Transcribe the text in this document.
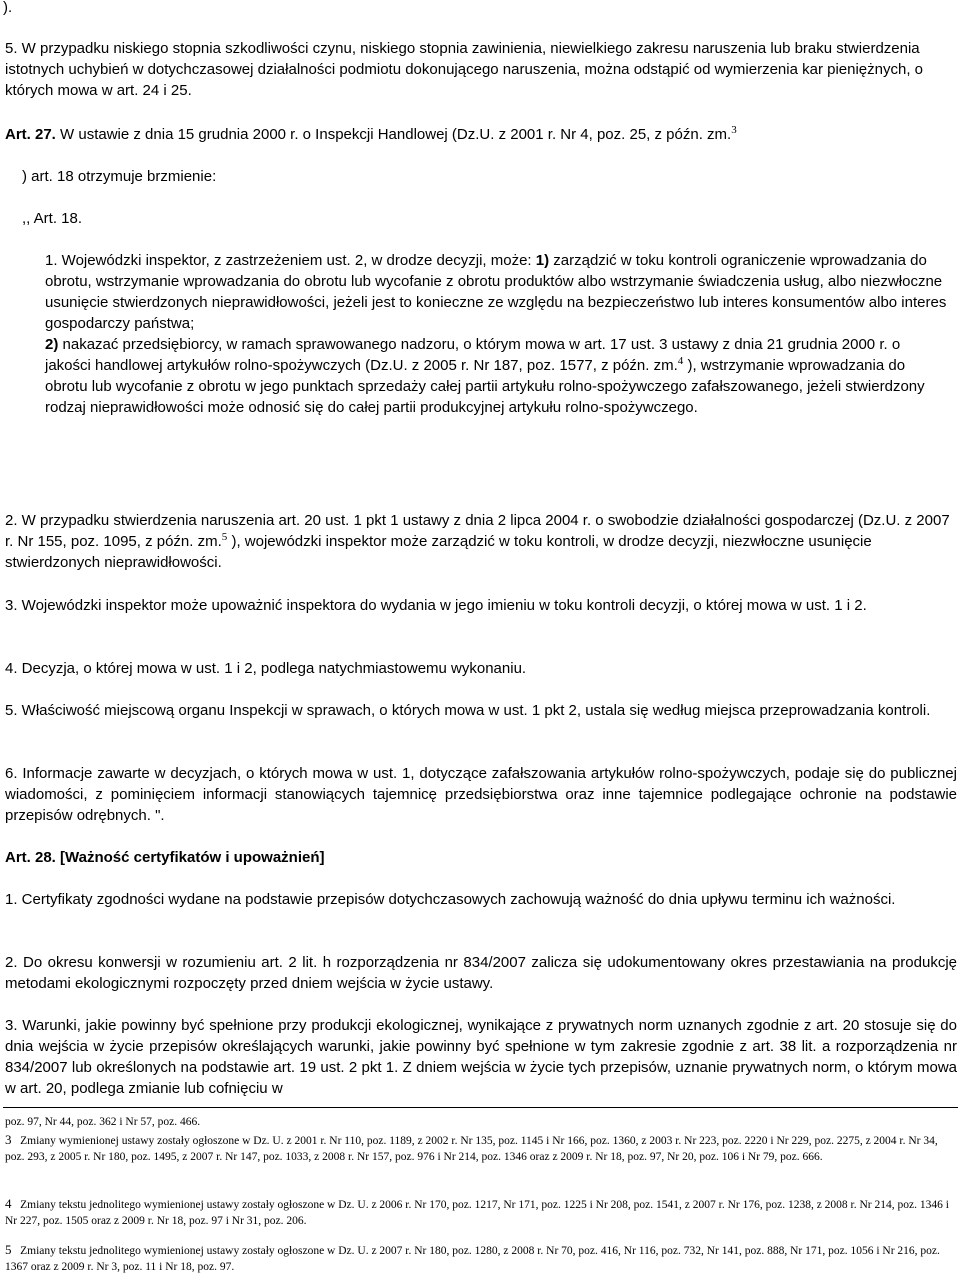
).
5. W przypadku niskiego stopnia szkodliwości czynu, niskiego stopnia zawinienia, niewielkiego zakresu naruszenia lub braku stwierdzenia istotnych uchybień w dotychczasowej działalności podmiotu dokonującego naruszenia, można odstąpić od wymierzenia kar pieniężnych, o których mowa w art. 24 i 25.
Art. 27. W ustawie z dnia 15 grudnia 2000 r. o Inspekcji Handlowej (Dz.U. z 2001 r. Nr 4, poz. 25, z późn. zm.$^3$
) art. 18 otrzymuje brzmienie:
,, Art. 18.
1. Wojewódzki inspektor, z zastrzeżeniem ust. 2, w drodze decyzji, może: 1) zarządzić w toku kontroli ograniczenie wprowadzania do obrotu, wstrzymanie wprowadzania do obrotu lub wycofanie z obrotu produktów albo wstrzymanie świadczenia usług, albo niezwłoczne usunięcie stwierdzonych nieprawidłowości, jeżeli jest to konieczne ze względu na bezpieczeństwo lub interes konsumentów albo interes gospodarczy państwa;
2) nakazać przedsiębiorcy, w ramach sprawowanego nadzoru, o którym mowa w art. 17 ust. 3 ustawy z dnia 21 grudnia 2000 r. o jakości handlowej artykułów rolno-spożywczych (Dz.U. z 2005 r. Nr 187, poz. 1577, z późn. zm.$^4$ ), wstrzymanie wprowadzania do obrotu lub wycofanie z obrotu w jego punktach sprzedaży całej partii artykułu rolno-spożywczego zafałszowanego, jeżeli stwierdzony rodzaj nieprawidłowości może odnosić się do całej partii produkcyjnej artykułu rolno-spożywczego.
2. W przypadku stwierdzenia naruszenia art. 20 ust. 1 pkt 1 ustawy z dnia 2 lipca 2004 r. o swobodzie działalności gospodarczej (Dz.U. z 2007 r. Nr 155, poz. 1095, z późn. zm.$^5$ ), wojewódzki inspektor może zarządzić w toku kontroli, w drodze decyzji, niezwłoczne usunięcie stwierdzonych nieprawidłowości.
3. Wojewódzki inspektor może upoważnić inspektora do wydania w jego imieniu w toku kontroli decyzji, o której mowa w ust. 1 i 2.
4. Decyzja, o której mowa w ust. 1 i 2, podlega natychmiastowemu wykonaniu.
5. Właściwość miejscową organu Inspekcji w sprawach, o których mowa w ust. 1 pkt 2, ustala się według miejsca przeprowadzania kontroli.
6. Informacje zawarte w decyzjach, o których mowa w ust. 1, dotyczące zafałszowania artykułów rolno-spożywczych, podaje się do publicznej wiadomości, z pominięciem informacji stanowiących tajemnicę przedsiębiorstwa oraz inne tajemnice podlegające ochronie na podstawie przepisów odrębnych. ".
Art. 28. [Ważność certyfikatów i upoważnień]
1. Certyfikaty zgodności wydane na podstawie przepisów dotychczasowych zachowują ważność do dnia upływu terminu ich ważności.
2. Do okresu konwersji w rozumieniu art. 2 lit. h rozporządzenia nr 834/2007 zalicza się udokumentowany okres przestawiania na produkcję metodami ekologicznymi rozpoczęty przed dniem wejścia w życie ustawy.
3. Warunki, jakie powinny być spełnione przy produkcji ekologicznej, wynikające z prywatnych norm uznanych zgodnie z art. 20 stosuje się do dnia wejścia w życie przepisów określających warunki, jakie powinny być spełnione w tym zakresie zgodnie z art. 38 lit. a rozporządzenia nr 834/2007 lub określonych na podstawie art. 19 ust. 2 pkt 1. Z dniem wejścia w życie tych przepisów, uznanie prywatnych norm, o którym mowa w art. 20, podlega zmianie lub cofnięciu w
poz. 97, Nr 44, poz. 362 i Nr 57, poz. 466.
3 Zmiany wymienionej ustawy zostały ogłoszone w Dz. U. z 2001 r. Nr 110, poz. 1189, z 2002 r. Nr 135, poz. 1145 i Nr 166, poz. 1360, z 2003 r. Nr 223, poz. 2220 i Nr 229, poz. 2275, z 2004 r. Nr 34, poz. 293, z 2005 r. Nr 180, poz. 1495, z 2007 r. Nr 147, poz. 1033, z 2008 r. Nr 157, poz. 976 i Nr 214, poz. 1346 oraz z 2009 r. Nr 18, poz. 97, Nr 20, poz. 106 i Nr 79, poz. 666.
4 Zmiany tekstu jednolitego wymienionej ustawy zostały ogłoszone w Dz. U. z 2006 r. Nr 170, poz. 1217, Nr 171, poz. 1225 i Nr 208, poz. 1541, z 2007 r. Nr 176, poz. 1238, z 2008 r. Nr 214, poz. 1346 i Nr 227, poz. 1505 oraz z 2009 r. Nr 18, poz. 97 i Nr 31, poz. 206.
5 Zmiany tekstu jednolitego wymienionej ustawy zostały ogłoszone w Dz. U. z 2007 r. Nr 180, poz. 1280, z 2008 r. Nr 70, poz. 416, Nr 116, poz. 732, Nr 141, poz. 888, Nr 171, poz. 1056 i Nr 216, poz. 1367 oraz z 2009 r. Nr 3, poz. 11 i Nr 18, poz. 97.
